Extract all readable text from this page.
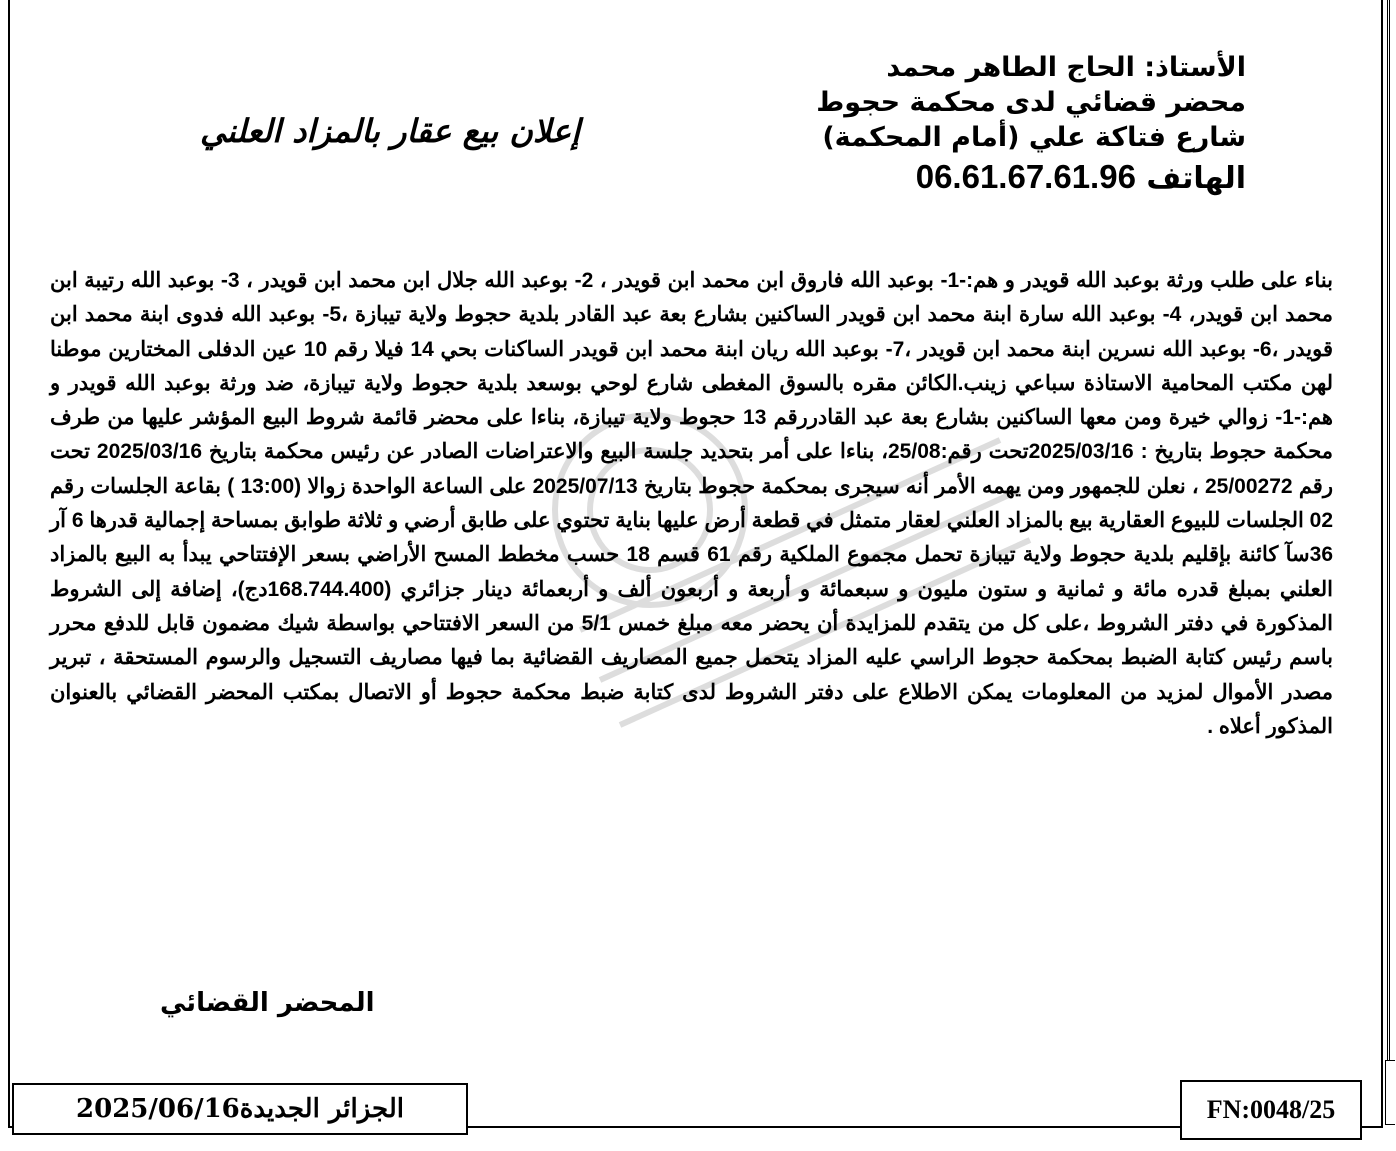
الأستاذ: الحاج الطاهر محمد
محضر قضائي لدى محكمة حجوط
شارع فتاكة علي (أمام المحكمة)
الهاتف 06.61.67.61.96
إعلان بيع عقار بالمزاد العلني
بناء على طلب ورثة بوعبد الله قويدر و هم:-1- بوعبد الله فاروق ابن محمد ابن قويدر ، 2- بوعبد الله جلال ابن محمد ابن قويدر ، 3- بوعبد الله رتيبة ابن محمد ابن قويدر، 4- بوعبد الله سارة ابنة محمد ابن قويدر الساكنين بشارع بعة عبد القادر بلدية حجوط ولاية تيبازة ،5- بوعبد الله فدوى ابنة محمد ابن قويدر ،6- بوعبد الله نسرين ابنة محمد ابن قويدر ،7- بوعبد الله ريان ابنة محمد ابن قويدر الساكنات بحي 14 فيلا رقم 10 عين الدفلى المختارين موطنا لهن مكتب المحامية الاستاذة سباعي زينب.الكائن مقره بالسوق المغطى شارع لوحي بوسعد بلدية حجوط ولاية تيبازة، ضد ورثة بوعبد الله قويدر و هم:-1- زوالي خيرة ومن معها الساكنين بشارع بعة عبد القادررقم 13 حجوط ولاية تيبازة، بناءا على محضر قائمة شروط البيع المؤشر عليها من طرف محكمة حجوط بتاريخ : 2025/03/16تحت رقم:25/08، بناءا على أمر بتحديد جلسة البيع والاعتراضات الصادر عن رئيس محكمة بتاريخ 2025/03/16 تحت رقم 25/00272 ، نعلن للجمهور ومن يهمه الأمر أنه سيجرى بمحكمة حجوط بتاريخ 2025/07/13 على الساعة الواحدة زوالا (13:00 ) بقاعة الجلسات رقم 02 الجلسات للبيوع العقارية بيع بالمزاد العلني لعقار متمثل في قطعة أرض عليها بناية تحتوي على طابق أرضي و ثلاثة طوابق بمساحة إجمالية قدرها 6 آر 36سآ كائنة بإقليم بلدية حجوط ولاية تيبازة تحمل مجموع الملكية رقم 61 قسم 18 حسب مخطط المسح الأراضي بسعر الإفتتاحي يبدأ به البيع بالمزاد العلني بمبلغ قدره مائة و ثمانية و ستون مليون و سبعمائة و أربعة و أربعون ألف و أربعمائة دينار جزائري (168.744.400دج)، إضافة إلى الشروط المذكورة في دفتر الشروط ،على كل من يتقدم للمزايدة أن يحضر معه مبلغ خمس 5/1 من السعر الافتتاحي بواسطة شيك مضمون قابل للدفع محرر باسم رئيس كتابة الضبط بمحكمة حجوط الراسي عليه المزاد يتحمل جميع المصاريف القضائية بما فيها مصاريف التسجيل والرسوم المستحقة ، تبرير مصدر الأموال لمزيد من المعلومات يمكن الاطلاع على دفتر الشروط لدى كتابة ضبط محكمة حجوط أو الاتصال بمكتب المحضر القضائي بالعنوان المذكور أعلاه .
المحضر القضائي
الجزائر الجديدة2025/06/16	FN:0048/25
